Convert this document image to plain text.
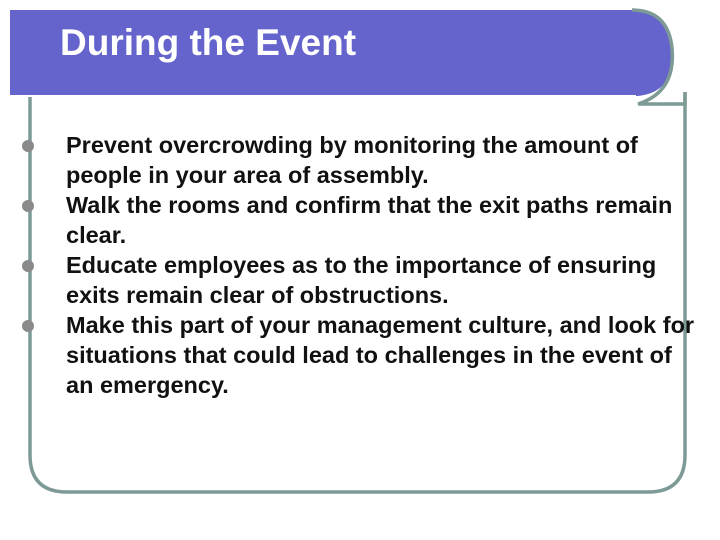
During the Event
Prevent overcrowding by monitoring the amount of people in your area of assembly.
Walk the rooms and confirm that the exit paths remain clear.
Educate employees as to the importance of ensuring exits remain clear of obstructions.
Make this part of your management culture, and look for situations that could lead to challenges in the event of an emergency.
